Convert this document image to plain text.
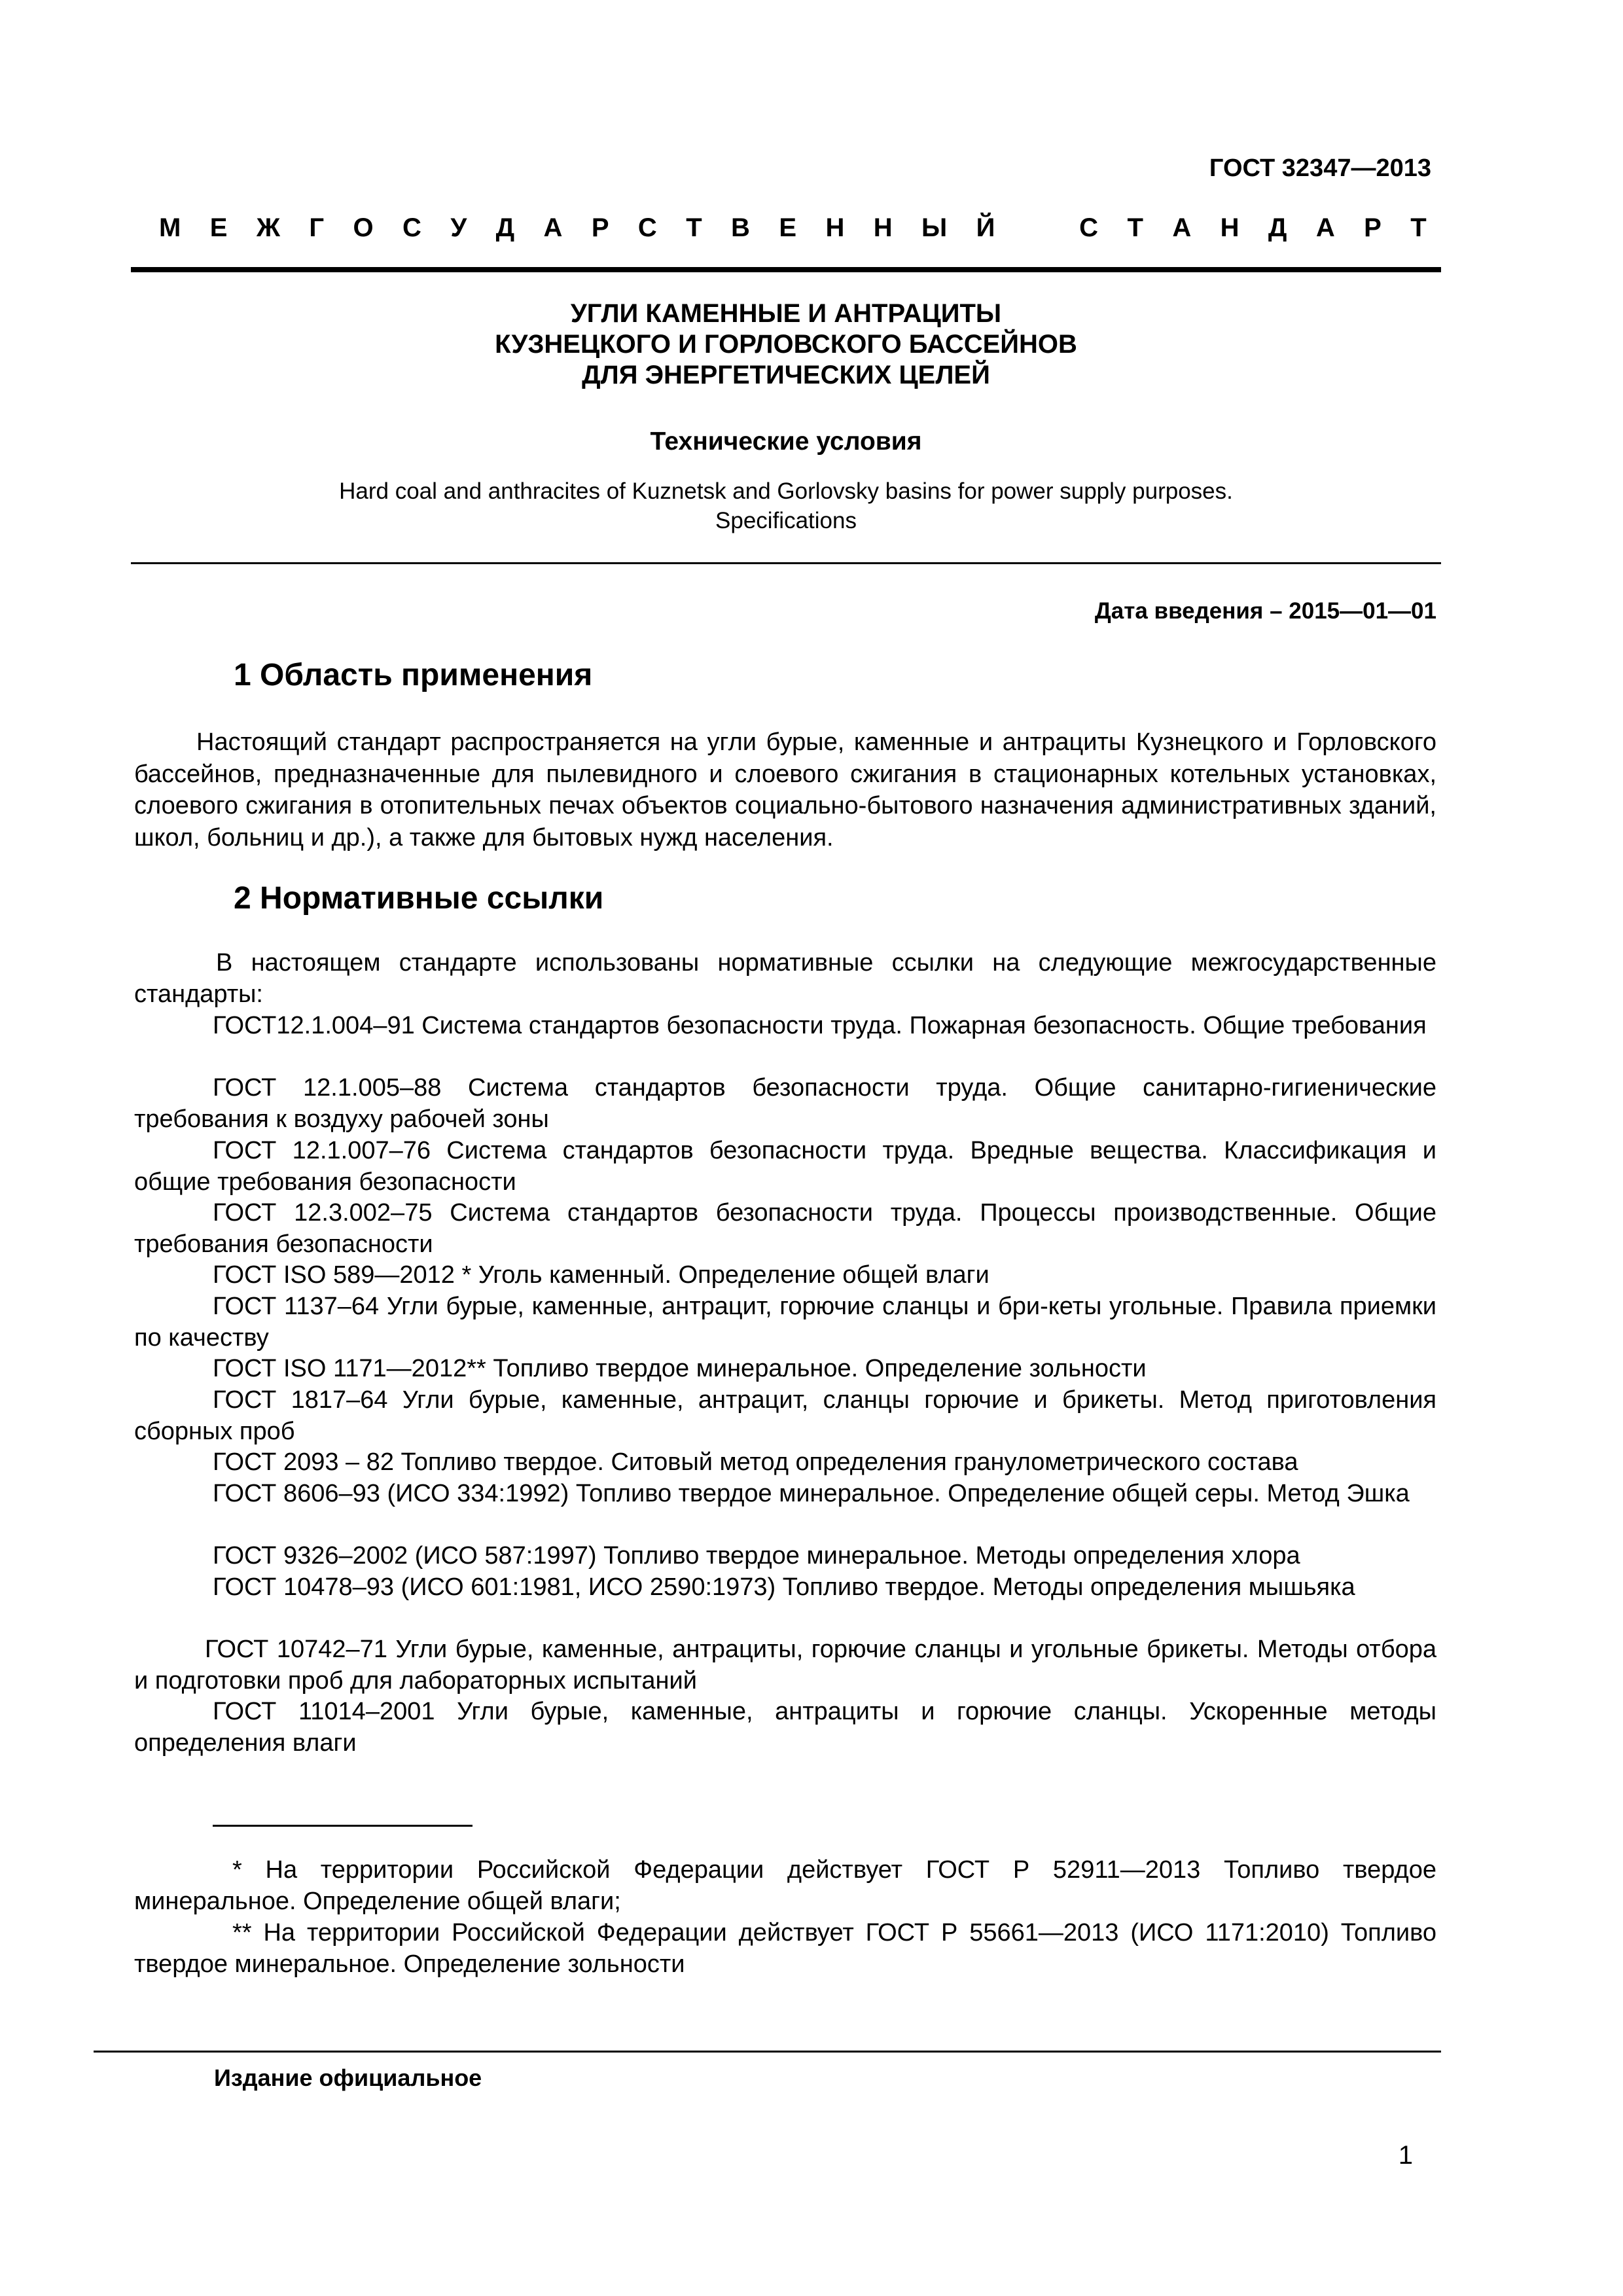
ГОСТ 32347—2013
М Е Ж Г О С У Д А Р С Т В Е Н Н Ы Й	С Т А Н Д А Р Т
УГЛИ КАМЕННЫЕ И АНТРАЦИТЫ
КУЗНЕЦКОГО И ГОРЛОВСКОГО БАССЕЙНОВ
ДЛЯ ЭНЕРГЕТИЧЕСКИХ ЦЕЛЕЙ
Технические условия
Hard coal and anthracites of Kuznetsk and Gorlovsky basins for power supply purposes.
Specifications
Дата введения – 2015—01—01
1 Область применения
Настоящий стандарт распространяется на угли бурые, каменные и антрациты Кузнецкого и Горловского бассейнов, предназначенные для пылевидного и слоевого сжигания в стационарных котельных установках, слоевого сжигания в отопительных печах объектов социально-бытового назначения административных зданий, школ, больниц и др.), а также для бытовых нужд населения.
2 Нормативные ссылки
В настоящем стандарте использованы нормативные ссылки на следующие межгосударственные стандарты:
ГОСТ12.1.004–91 Система стандартов безопасности труда. Пожарная безопасность. Общие требования
ГОСТ 12.1.005–88 Система стандартов безопасности труда. Общие санитарно-гигиенические требования к воздуху рабочей зоны
ГОСТ 12.1.007–76 Система стандартов безопасности труда. Вредные вещества. Классификация и общие требования безопасности
ГОСТ 12.3.002–75 Система стандартов безопасности труда. Процессы производственные. Общие требования безопасности
ГОСТ ISO 589—2012 * Уголь каменный. Определение общей влаги
ГОСТ 1137–64 Угли бурые, каменные, антрацит, горючие сланцы и бри-кеты угольные. Правила приемки по качеству
ГОСТ ISO 1171—2012** Топливо твердое минеральное. Определение зольности
ГОСТ 1817–64 Угли бурые, каменные, антрацит, сланцы горючие и брикеты. Метод приготовления сборных проб
ГОСТ 2093 – 82 Топливо твердое. Ситовый метод определения гранулометрического состава
ГОСТ 8606–93 (ИСО 334:1992) Топливо твердое минеральное. Определение общей серы. Метод Эшка
ГОСТ 9326–2002 (ИСО 587:1997) Топливо твердое минеральное. Методы определения хлора
ГОСТ 10478–93 (ИСО 601:1981, ИСО 2590:1973) Топливо твердое. Методы определения мышьяка
ГОСТ 10742–71 Угли бурые, каменные, антрациты, горючие сланцы и угольные брикеты. Методы отбора и подготовки проб для лабораторных испытаний
ГОСТ 11014–2001 Угли бурые, каменные, антрациты и горючие сланцы. Ускоренные методы определения влаги
* На территории Российской Федерации действует ГОСТ Р 52911—2013 Топливо твердое минеральное. Определение общей влаги;
** На территории Российской Федерации действует ГОСТ Р 55661—2013 (ИСО 1171:2010) Топливо твердое минеральное. Определение зольности
Издание официальное
1
